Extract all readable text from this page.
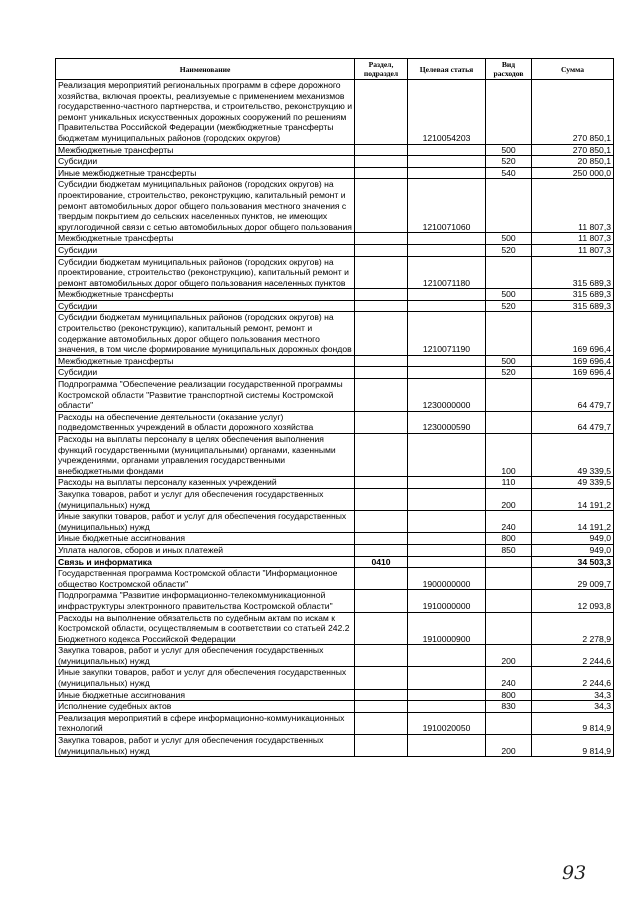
Наименование	Раздел, подраздел	Целевая статья	Вид расходов	Сумма
Реализация мероприятий региональных программ в сфере дорожного хозяйства, включая проекты, реализуемые с применением механизмов государственно-частного партнерства, и строительство, реконструкцию и ремонт уникальных искусственных дорожных сооружений по решениям Правительства Российской Федерации (межбюджетные трансферты бюджетам муниципальных районов (городских округов)		1210054203		270 850,1
Межбюджетные трансферты			500	270 850,1
Субсидии			520	20 850,1
Иные межбюджетные трансферты			540	250 000,0
Субсидии бюджетам муниципальных районов (городских округов) на проектирование, строительство, реконструкцию, капитальный ремонт и ремонт автомобильных дорог общего пользования местного значения с твердым покрытием до сельских населенных пунктов, не имеющих круглогодичной связи с сетью автомобильных дорог общего пользования		1210071060		11 807,3
Межбюджетные трансферты			500	11 807,3
Субсидии			520	11 807,3
Субсидии бюджетам муниципальных районов (городских округов) на проектирование, строительство (реконструкцию), капитальный ремонт и ремонт автомобильных дорог общего пользования населенных пунктов		1210071180		315 689,3
Межбюджетные трансферты			500	315 689,3
Субсидии			520	315 689,3
Субсидии бюджетам муниципальных районов (городских округов) на строительство (реконструкцию), капитальный ремонт, ремонт и содержание автомобильных дорог общего пользования местного значения, в том числе формирование муниципальных дорожных фондов		1210071190		169 696,4
Межбюджетные трансферты			500	169 696,4
Субсидии			520	169 696,4
Подпрограмма "Обеспечение реализации государственной программы Костромской области "Развитие транспортной системы Костромской области"		1230000000		64 479,7
Расходы на обеспечение деятельности (оказание услуг) подведомственных учреждений в области дорожного хозяйства		1230000590		64 479,7
Расходы на выплаты персоналу в целях обеспечения выполнения функций государственными (муниципальными) органами, казенными учреждениями, органами управления государственными внебюджетными фондами			100	49 339,5
Расходы на выплаты персоналу казенных учреждений			110	49 339,5
Закупка товаров, работ и услуг для обеспечения государственных (муниципальных) нужд			200	14 191,2
Иные закупки товаров, работ и услуг для обеспечения государственных (муниципальных) нужд			240	14 191,2
Иные бюджетные ассигнования			800	949,0
Уплата налогов, сборов и иных платежей			850	949,0
Связь и информатика	0410			34 503,3
Государственная программа Костромской области "Информационное общество Костромской области"		1900000000		29 009,7
Подпрограмма "Развитие информационно-телекоммуникационной инфраструктуры электронного правительства Костромской области"		1910000000		12 093,8
Расходы на выполнение обязательств по судебным актам по искам к Костромской области, осуществляемым в соответствии со статьей 242.2 Бюджетного кодекса Российской Федерации		1910000900		2 278,9
Закупка товаров, работ и услуг для обеспечения государственных (муниципальных) нужд			200	2 244,6
Иные закупки товаров, работ и услуг для обеспечения государственных (муниципальных) нужд			240	2 244,6
Иные бюджетные ассигнования			800	34,3
Исполнение судебных актов			830	34,3
Реализация мероприятий в сфере информационно-коммуникационных технологий		1910020050		9 814,9
Закупка товаров, работ и услуг для обеспечения государственных (муниципальных) нужд			200	9 814,9
93
